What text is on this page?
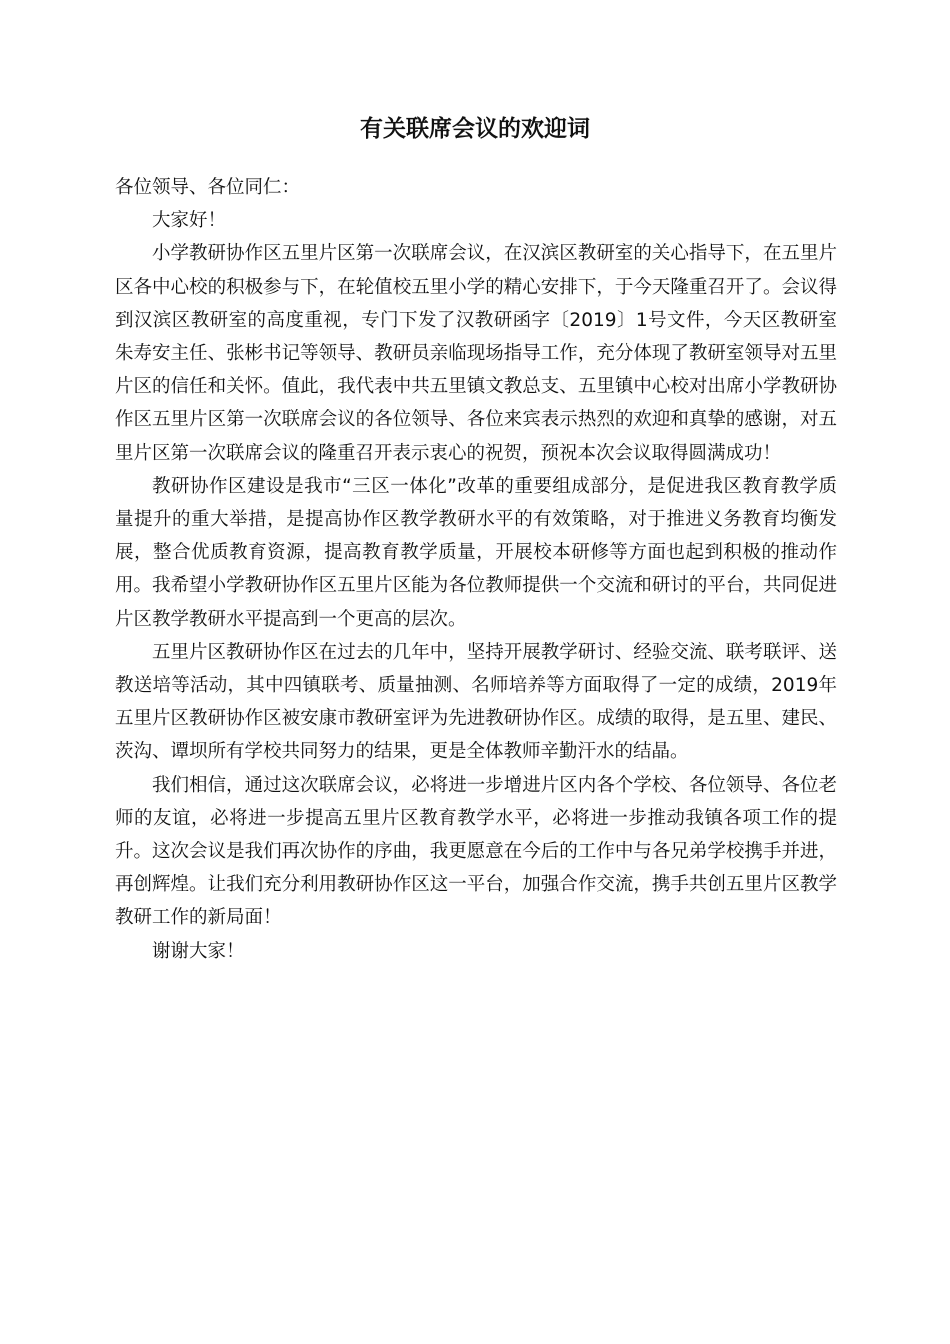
有关联席会议的欢迎词

各位领导、各位同仁：

大家好！

小学教研协作区五里片区第一次联席会议，在汉滨区教研室的关心指导下，在五里片区各中心校的积极参与下，在轮值校五里小学的精心安排下，于今天隆重召开了。会议得到汉滨区教研室的高度重视，专门下发了汉教研函字〔2019〕1号文件，今天区教研室朱寿安主任、张彬书记等领导、教研员亲临现场指导工作，充分体现了教研室领导对五里片区的信任和关怀。值此，我代表中共五里镇文教总支、五里镇中心校对出席小学教研协作区五里片区第一次联席会议的各位领导、各位来宾表示热烈的欢迎和真挚的感谢，对五里片区第一次联席会议的隆重召开表示衷心的祝贺，预祝本次会议取得圆满成功！

教研协作区建设是我市“三区一体化”改革的重要组成部分，是促进我区教育教学质量提升的重大举措，是提高协作区教学教研水平的有效策略，对于推进义务教育均衡发展，整合优质教育资源，提高教育教学质量，开展校本研修等方面也起到积极的推动作用。我希望小学教研协作区五里片区能为各位教师提供一个交流和研讨的平台，共同促进片区教学教研水平提高到一个更高的层次。

五里片区教研协作区在过去的几年中，坚持开展教学研讨、经验交流、联考联评、送教送培等活动，其中四镇联考、质量抽测、名师培养等方面取得了一定的成绩，2019年五里片区教研协作区被安康市教研室评为先进教研协作区。成绩的取得，是五里、建民、茨沟、谭坝所有学校共同努力的结果，更是全体教师辛勤汗水的结晶。

我们相信，通过这次联席会议，必将进一步增进片区内各个学校、各位领导、各位老师的友谊，必将进一步提高五里片区教育教学水平，必将进一步推动我镇各项工作的提升。这次会议是我们再次协作的序曲，我更愿意在今后的工作中与各兄弟学校携手并进，再创辉煌。让我们充分利用教研协作区这一平台，加强合作交流，携手共创五里片区教学教研工作的新局面！

谢谢大家！
